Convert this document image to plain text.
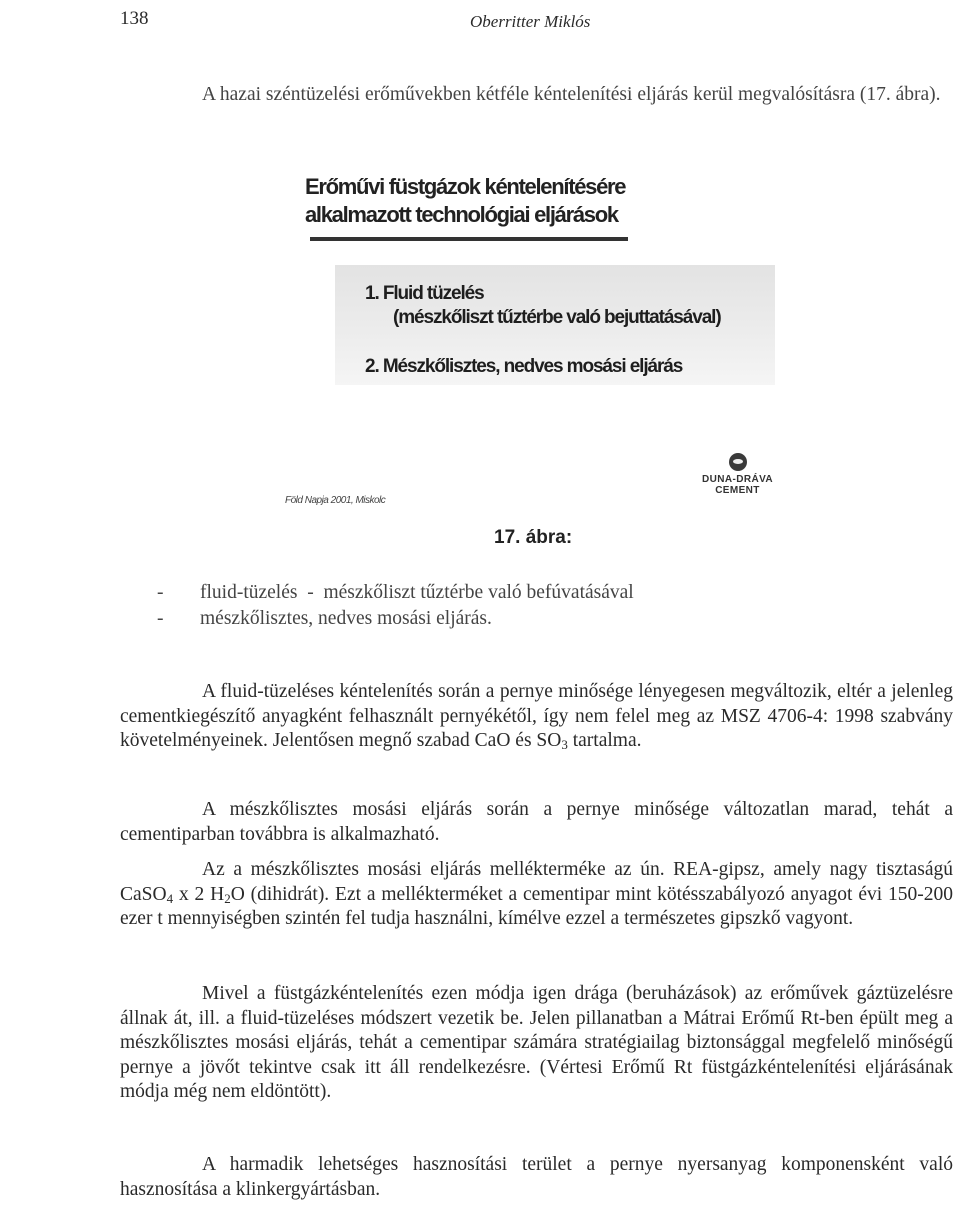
138	Oberritter Miklós
A hazai széntüzelési erőművekben kétféle kéntelenítési eljárás kerül megvalósításra (17. ábra).
Erőművi füstgázok kéntelenítésére
alkalmazott technológiai eljárások
1. Fluid tüzelés
(mészkőliszt tűztérbe való bejuttatásával)
2. Mészkőlisztes, nedves mosási eljárás
Föld Napja 2001, Miskolc
DUNA-DRÁVA
CEMENT
17. ábra:
- fluid-tüzelés  -  mészkőliszt tűztérbe való befúvatásával
- mészkőlisztes, nedves mosási eljárás.
A fluid-tüzeléses kéntelenítés során a pernye minősége lényegesen megváltozik, eltér a jelenleg cementkiegészítő anyagként felhasznált pernyékétől, így nem felel meg az MSZ 4706-4: 1998 szabvány követelményeinek. Jelentősen megnő szabad CaO és $SO_3$ tartalma.
A mészkőlisztes mosási eljárás során a pernye minősége változatlan marad, tehát a cementiparban továbbra is alkalmazható.
Az a mészkőlisztes mosási eljárás mellékterméke az ún. REA-gipsz, amely nagy tisztaságú CaSO$_4$ x 2 $H_2O$ (dihidrát). Ezt a mellékterméket a cementipar mint kötésszabályozó anyagot évi 150-200 ezer t mennyiségben szintén fel tudja használni, kímélve ezzel a természetes gipszkő vagyont.
Mivel a füstgázkéntelenítés ezen módja igen drága (beruházások) az erőművek gáztüzelésre állnak át, ill. a fluid-tüzeléses módszert vezetik be. Jelen pillanatban a Mátrai Erőmű Rt-ben épült meg a mészkőlisztes mosási eljárás, tehát a cementipar számára stratégiailag biztonsággal megfelelő minőségű pernye a jövőt tekintve csak itt áll rendelkezésre. (Vértesi Erőmű Rt füstgázkéntelenítési eljárásának módja még nem eldöntött).
A harmadik lehetséges hasznosítási terület a pernye nyersanyag komponensként való hasznosítása a klinkergyártásban.
